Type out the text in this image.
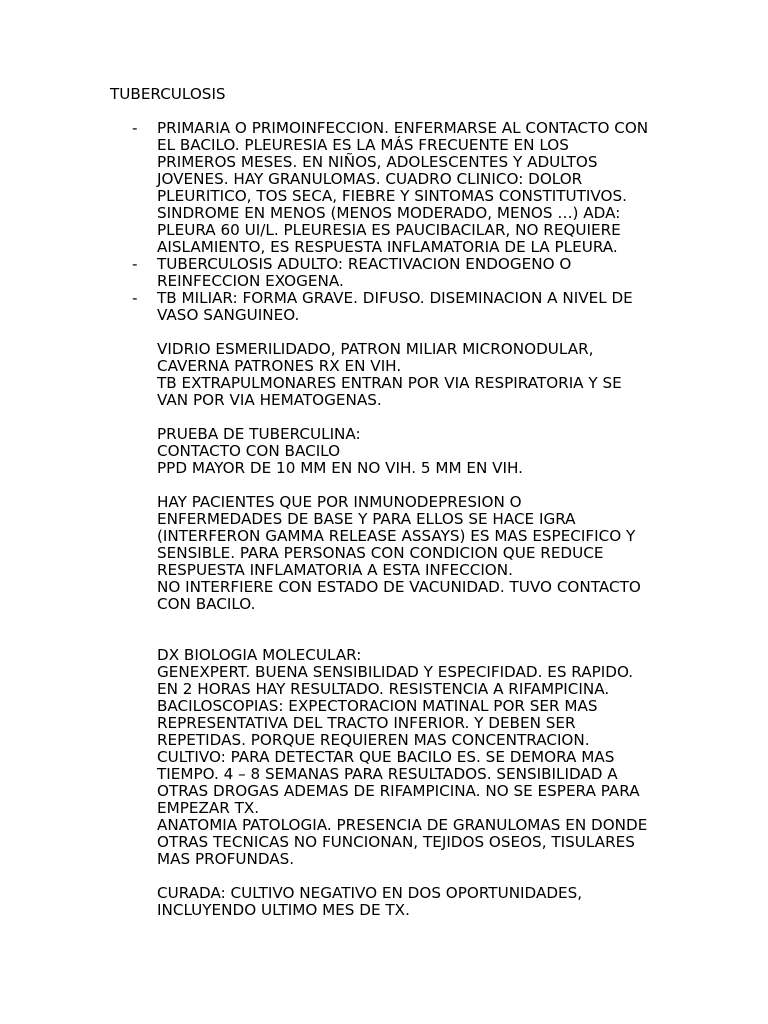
TUBERCULOSIS
- PRIMARIA O PRIMOINFECCION. ENFERMARSE AL CONTACTO CON
EL BACILO. PLEURESIA ES LA MÁS FRECUENTE EN LOS
PRIMEROS MESES. EN NIÑOS, ADOLESCENTES Y ADULTOS
JOVENES. HAY GRANULOMAS. CUADRO CLINICO: DOLOR
PLEURITICO, TOS SECA, FIEBRE Y SINTOMAS CONSTITUTIVOS.
SINDROME EN MENOS (MENOS MODERADO, MENOS …) ADA:
PLEURA 60 UI/L. PLEURESIA ES PAUCIBACILAR, NO REQUIERE
AISLAMIENTO, ES RESPUESTA INFLAMATORIA DE LA PLEURA.
- TUBERCULOSIS ADULTO: REACTIVACION ENDOGENO O
REINFECCION EXOGENA.
- TB MILIAR: FORMA GRAVE. DIFUSO. DISEMINACION A NIVEL DE
VASO SANGUINEO.
VIDRIO ESMERILIDADO, PATRON MILIAR MICRONODULAR,
CAVERNA PATRONES RX EN VIH.
TB EXTRAPULMONARES ENTRAN POR VIA RESPIRATORIA Y SE
VAN POR VIA HEMATOGENAS.
PRUEBA DE TUBERCULINA:
CONTACTO CON BACILO
PPD MAYOR DE 10 MM EN NO VIH. 5 MM EN VIH.
HAY PACIENTES QUE POR INMUNODEPRESION O
ENFERMEDADES DE BASE Y PARA ELLOS SE HACE IGRA
(INTERFERON GAMMA RELEASE ASSAYS) ES MAS ESPECIFICO Y
SENSIBLE. PARA PERSONAS CON CONDICION QUE REDUCE
RESPUESTA INFLAMATORIA A ESTA INFECCION.
NO INTERFIERE CON ESTADO DE VACUNIDAD. TUVO CONTACTO
CON BACILO.
DX BIOLOGIA MOLECULAR:
GENEXPERT. BUENA SENSIBILIDAD Y ESPECIFIDAD. ES RAPIDO.
EN 2 HORAS HAY RESULTADO. RESISTENCIA A RIFAMPICINA.
BACILOSCOPIAS: EXPECTORACION MATINAL POR SER MAS
REPRESENTATIVA DEL TRACTO INFERIOR. Y DEBEN SER
REPETIDAS. PORQUE REQUIEREN MAS CONCENTRACION.
CULTIVO: PARA DETECTAR QUE BACILO ES. SE DEMORA MAS
TIEMPO. 4 – 8 SEMANAS PARA RESULTADOS. SENSIBILIDAD A
OTRAS DROGAS ADEMAS DE RIFAMPICINA. NO SE ESPERA PARA
EMPEZAR TX.
ANATOMIA PATOLOGIA. PRESENCIA DE GRANULOMAS EN DONDE
OTRAS TECNICAS NO FUNCIONAN, TEJIDOS OSEOS, TISULARES
MAS PROFUNDAS.
CURADA: CULTIVO NEGATIVO EN DOS OPORTUNIDADES,
INCLUYENDO ULTIMO MES DE TX.
